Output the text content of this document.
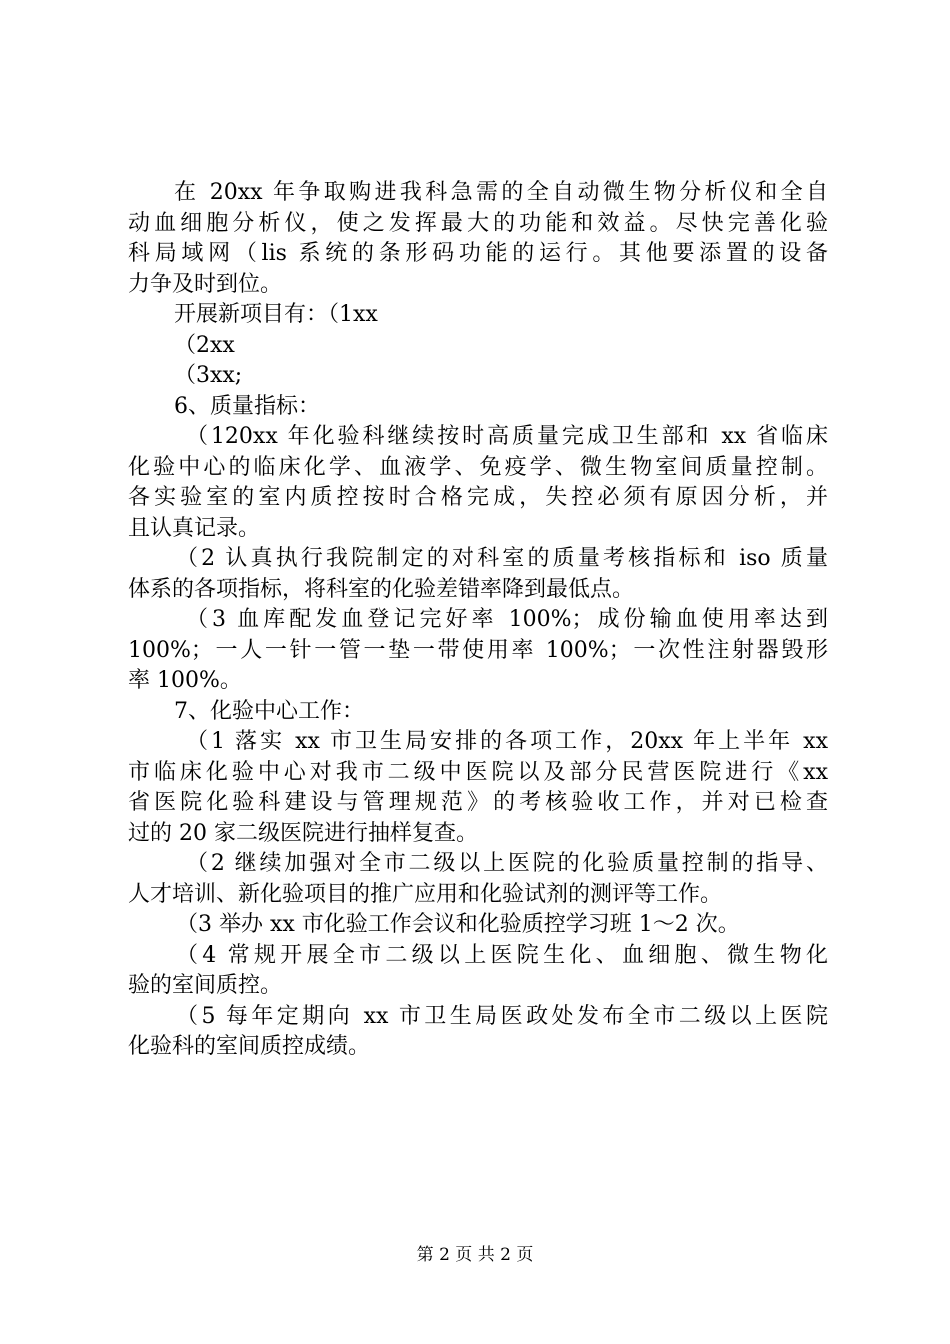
在 20xx 年争取购进我科急需的全自动微生物分析仪和全自
动血细胞分析仪，使之发挥最大的功能和效益。尽快完善化验
科局域网（lis 系统的条形码功能的运行。其他要添置的设备
力争及时到位。
开展新项目有：（1xx
（2xx
（3xx;
6、质量指标：
（120xx 年化验科继续按时高质量完成卫生部和 xx 省临床
化验中心的临床化学、血液学、免疫学、微生物室间质量控制。
各实验室的室内质控按时合格完成，失控必须有原因分析，并
且认真记录。
（2 认真执行我院制定的对科室的质量考核指标和 iso 质量
体系的各项指标，将科室的化验差错率降到最低点。
（3 血库配发血登记完好率 100%；成份输血使用率达到
100%；一人一针一管一垫一带使用率 100%；一次性注射器毁形
率 100%。
7、化验中心工作：
（1 落实 xx 市卫生局安排的各项工作，20xx 年上半年 xx
市临床化验中心对我市二级中医院以及部分民营医院进行《xx
省医院化验科建设与管理规范》的考核验收工作，并对已检查
过的 20 家二级医院进行抽样复查。
（2 继续加强对全市二级以上医院的化验质量控制的指导、
人才培训、新化验项目的推广应用和化验试剂的测评等工作。
（3 举办 xx 市化验工作会议和化验质控学习班 1～2 次。
（4 常规开展全市二级以上医院生化、血细胞、微生物化
验的室间质控。
（5 每年定期向 xx 市卫生局医政处发布全市二级以上医院
化验科的室间质控成绩。
第 2 页 共 2 页
